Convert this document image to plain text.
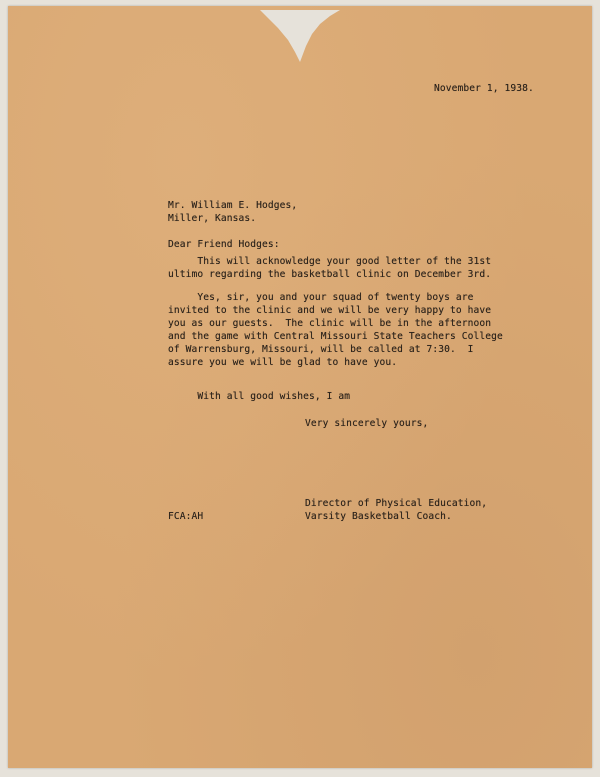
November 1, 1938.
Mr. William E. Hodges,
Miller, Kansas.
Dear Friend Hodges:
This will acknowledge your good letter of the 31st
ultimo regarding the basketball clinic on December 3rd.
Yes, sir, you and your squad of twenty boys are
invited to the clinic and we will be very happy to have
you as our guests.  The clinic will be in the afternoon
and the game with Central Missouri State Teachers College
of Warrensburg, Missouri, will be called at 7:30.  I
assure you we will be glad to have you.
With all good wishes, I am
Very sincerely yours,
Director of Physical Education,
Varsity Basketball Coach.
FCA:AH
